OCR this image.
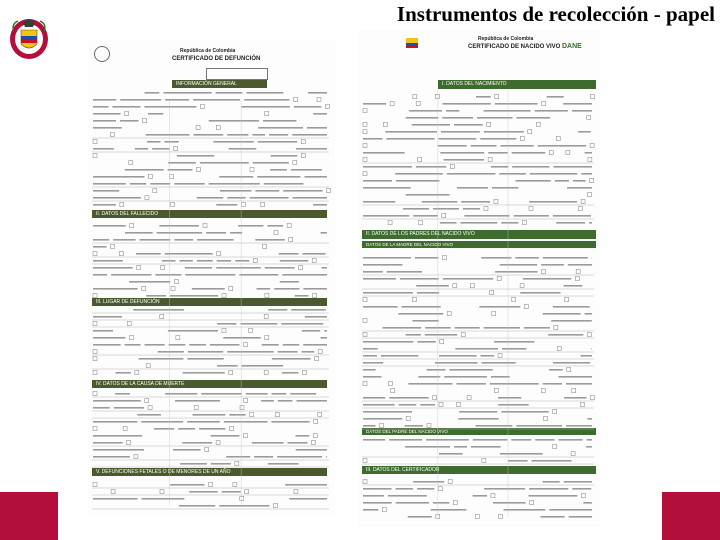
Instrumentos de recolección - papel
República de Colombia
CERTIFICADO DE DEFUNCIÓN
INFORMACIÓN GENERAL
II. DATOS DEL FALLECIDO
III. LUGAR DE DEFUNCIÓN
IV. DATOS DE LA CAUSA DE MUERTE
V. DEFUNCIONES FETALES O DE MENORES DE UN AÑO
República de Colombia
CERTIFICADO DE NACIDO VIVO DANE
I. DATOS DEL NACIMIENTO
II. DATOS DE LOS PADRES DEL NACIDO VIVO
DATOS DE LA MADRE DEL NACIDO VIVO
DATOS DEL PADRE DEL NACIDO VIVO
III. DATOS DEL CERTIFICADOR
